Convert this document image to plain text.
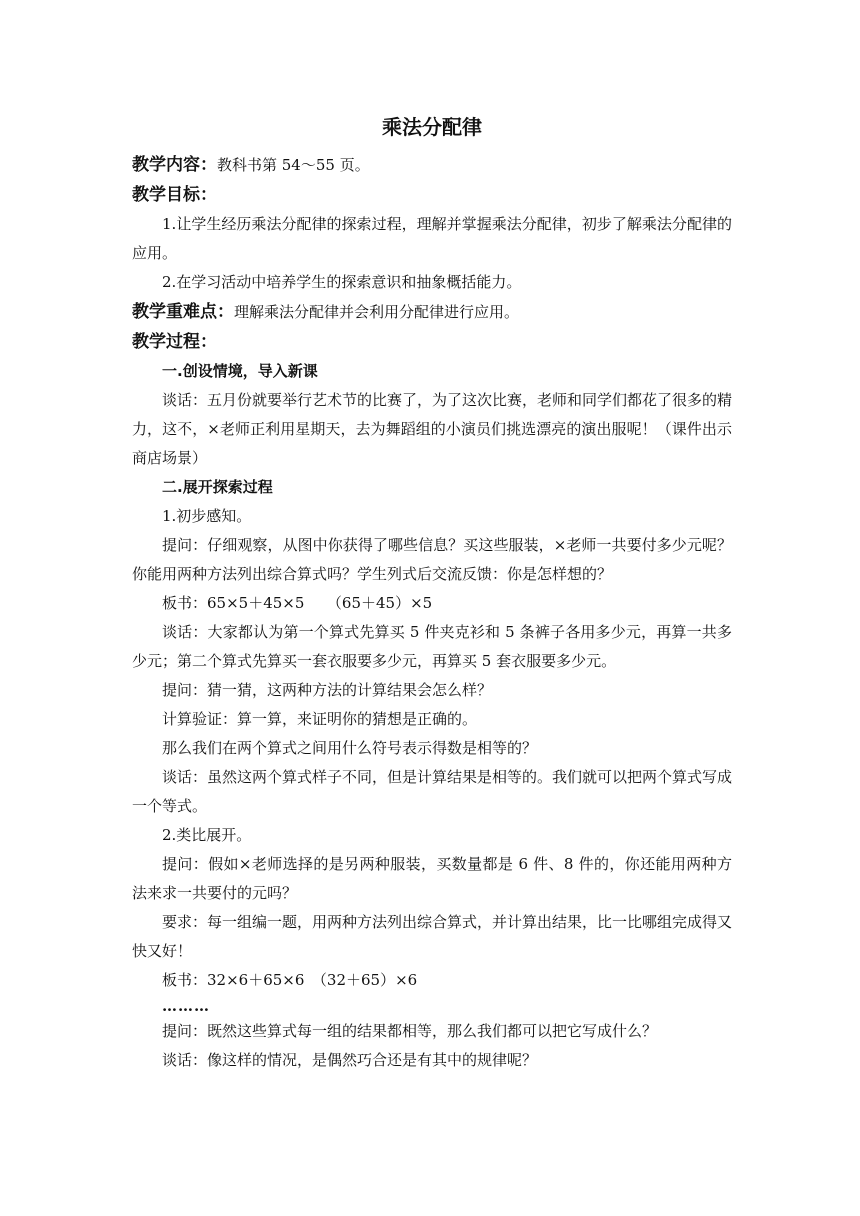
乘法分配律

教学内容：教科书第 54～55 页。

教学目标：

1.让学生经历乘法分配律的探索过程，理解并掌握乘法分配律，初步了解乘法分配律的应用。

2.在学习活动中培养学生的探索意识和抽象概括能力。

教学重难点：理解乘法分配律并会利用分配律进行应用。

教学过程：

一.创设情境，导入新课

谈话：五月份就要举行艺术节的比赛了，为了这次比赛，老师和同学们都花了很多的精力，这不，×老师正利用星期天，去为舞蹈组的小演员们挑选漂亮的演出服呢！（课件出示商店场景）

二.展开探索过程

1.初步感知。

提问：仔细观察，从图中你获得了哪些信息？买这些服装，×老师一共要付多少元呢？你能用两种方法列出综合算式吗？学生列式后交流反馈：你是怎样想的？

板书：65×5＋45×5　　（65＋45）×5

谈话：大家都认为第一个算式先算买 5 件夹克衫和 5 条裤子各用多少元，再算一共多少元；第二个算式先算买一套衣服要多少元，再算买 5 套衣服要多少元。

提问：猜一猜，这两种方法的计算结果会怎么样？

计算验证：算一算，来证明你的猜想是正确的。

那么我们在两个算式之间用什么符号表示得数是相等的？

谈话：虽然这两个算式样子不同，但是计算结果是相等的。我们就可以把两个算式写成一个等式。

2.类比展开。

提问：假如×老师选择的是另两种服装，买数量都是 6 件、8 件的，你还能用两种方法来求一共要付的元吗？

要求：每一组编一题，用两种方法列出综合算式，并计算出结果，比一比哪组完成得又快又好！

板书：32×6＋65×6　（32＋65）×6

………

提问：既然这些算式每一组的结果都相等，那么我们都可以把它写成什么？

谈话：像这样的情况，是偶然巧合还是有其中的规律呢？
